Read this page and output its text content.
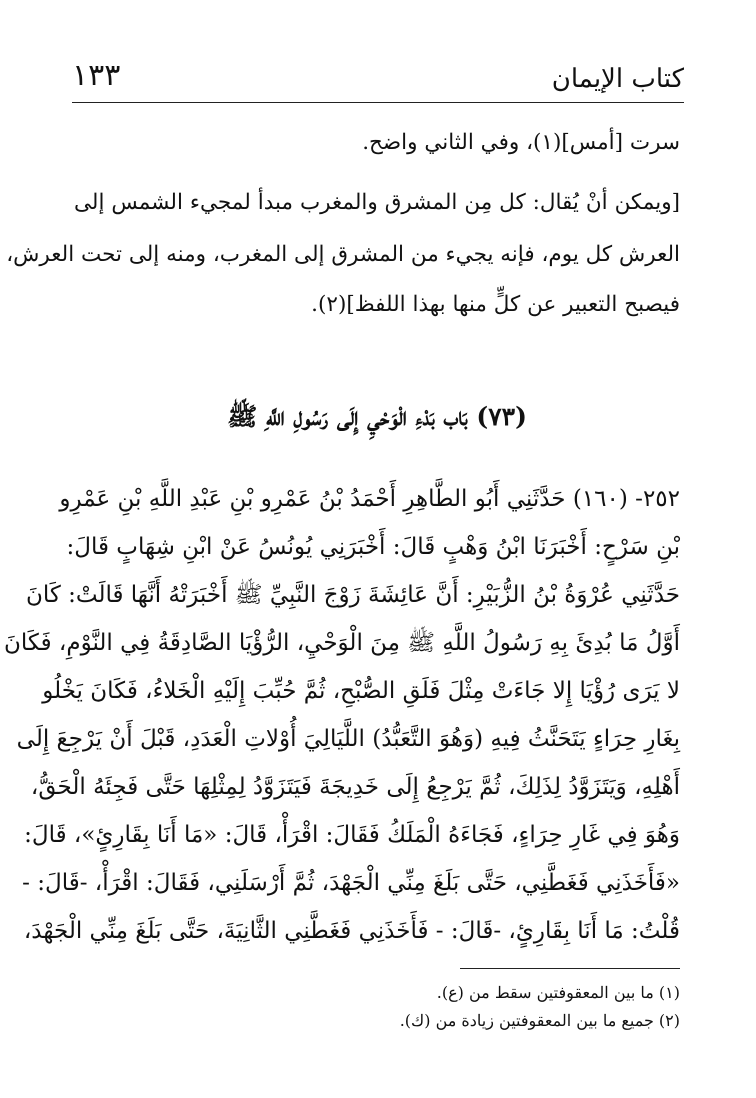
كتاب الإيمان
١٣٣
سرت [أمس](١)، وفي الثاني واضح.
[ويمكن أنْ يُقال: كل مِن المشرق والمغرب مبدأ لمجيء الشمس إلى
العرش كل يوم، فإنه يجيء من المشرق إلى المغرب، ومنه إلى تحت العرش،
فيصبح التعبير عن كلٍّ منها بهذا اللفظ](٢).
(٧٣) بَاب بَدْءِ الْوَحْيِ إِلَى رَسُولِ اللَّهِ ﷺ
٢٥٢- (١٦٠) حَدَّثَنِي أَبُو الطَّاهِرِ أَحْمَدُ بْنُ عَمْرِو بْنِ عَبْدِ اللَّهِ بْنِ عَمْرِو
بْنِ سَرْحٍ: أَخْبَرَنَا ابْنُ وَهْبٍ قَالَ: أَخْبَرَنِي يُونُسُ عَنْ ابْنِ شِهَابٍ قَالَ:
حَدَّثَنِي عُرْوَةُ بْنُ الزُّبَيْرِ: أَنَّ عَائِشَةَ زَوْجَ النَّبِيِّ ﷺ أَخْبَرَتْهُ أَنَّهَا قَالَتْ: كَانَ
أَوَّلُ مَا بُدِئَ بِهِ رَسُولُ اللَّهِ ﷺ مِنَ الْوَحْيِ، الرُّؤْيَا الصَّادِقَةُ فِي النَّوْمِ، فَكَانَ
لا يَرَى رُؤْيَا إِلا جَاءَتْ مِثْلَ فَلَقِ الصُّبْحِ، ثُمَّ حُبِّبَ إِلَيْهِ الْخَلاءُ، فَكَانَ يَخْلُو
بِغَارِ حِرَاءٍ يَتَحَنَّثُ فِيهِ (وَهُوَ التَّعَبُّدُ) اللَّيَالِيَ أُوْلاتِ الْعَدَدِ، قَبْلَ أَنْ يَرْجِعَ إِلَى
أَهْلِهِ، وَيَتَزَوَّدُ لِذَلِكَ، ثُمَّ يَرْجِعُ إِلَى خَدِيجَةَ فَيَتَزَوَّدُ لِمِثْلِهَا حَتَّى فَجِئَهُ الْحَقُّ،
وَهُوَ فِي غَارِ حِرَاءٍ، فَجَاءَهُ الْمَلَكُ فَقَالَ: اقْرَأْ، قَالَ: «مَا أَنَا بِقَارِئٍ»، قَالَ:
«فَأَخَذَنِي فَغَطَّنِي، حَتَّى بَلَغَ مِنِّي الْجَهْدَ، ثُمَّ أَرْسَلَنِي، فَقَالَ: اقْرَأْ، -قَالَ: -
قُلْتُ: مَا أَنَا بِقَارِئٍ، -قَالَ: - فَأَخَذَنِي فَغَطَّنِي الثَّانِيَةَ، حَتَّى بَلَغَ مِنِّي الْجَهْدَ،
(١) ما بين المعقوفتين سقط من (ع).
(٢) جميع ما بين المعقوفتين زيادة من (ك).
